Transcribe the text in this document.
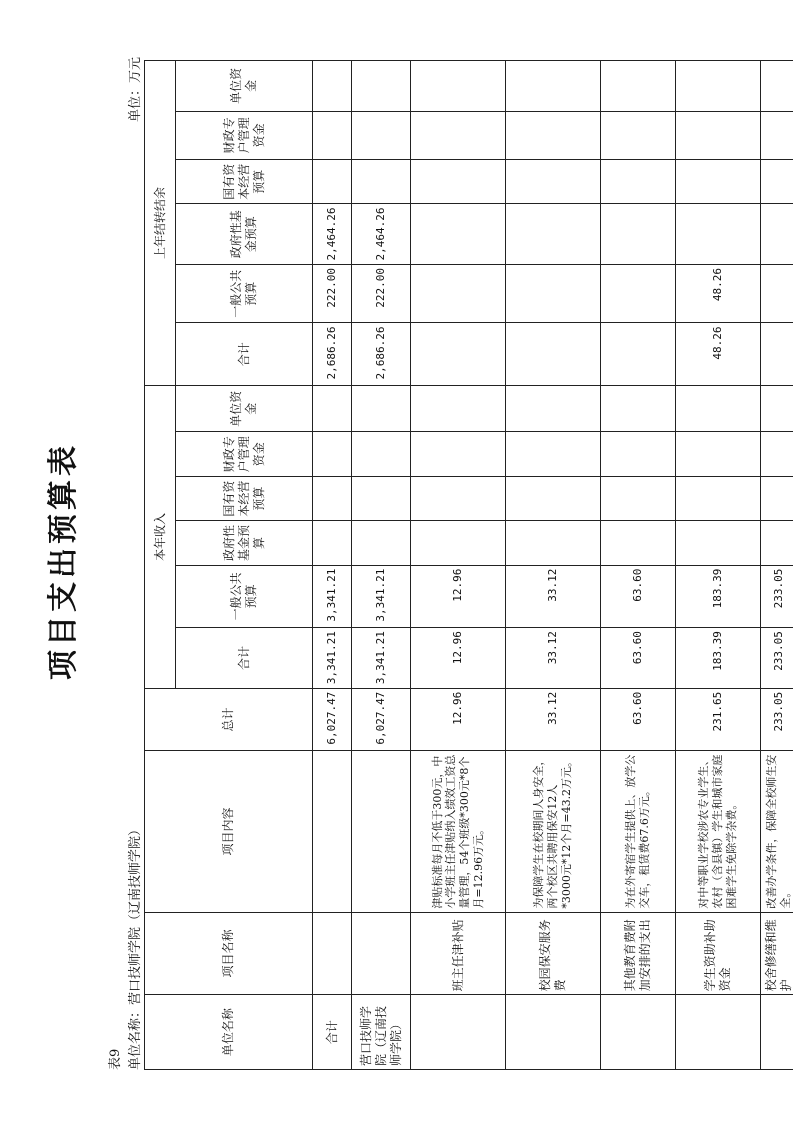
项目支出预算表
表9 单位名称：营口技师学院（辽南技师学院）
单位：万元
单位名称	项目名称	项目内容	总计	本年收入						上年结转结余					
				合计	一般公共预算	政府性基金预算	国有资本经营预算	财政专户管理资金	单位资金	合计	一般公共预算	政府性基金预算	国有资本经营预算	财政专户管理资金	单位资金
合计			6,027.47	3,341.21	3,341.21					2,686.26	222.00	2,464.26			
营口技师学院（辽南技师学院）			6,027.47	3,341.21	3,341.21					2,686.26	222.00	2,464.26			
	班主任津补贴	津贴标准每月不低于300元，中小学班主任津贴纳入绩效工资总量管理，54个班级*300元*8个月=12.96万元。	12.96	12.96	12.96										
	校园保安服务费	为保障学生在校期间人身安全，两个校区共聘用保安12人*3000元*12个月=43.2万元。	33.12	33.12	33.12										
	其他教育费附加安排的支出	为在外寄宿学生提供上、放学公交车，租赁费67.6万元。	63.60	63.60	63.60										
	学生资助补助资金	对中等职业学校涉农专业学生、农村（含县镇）学生和城市家庭困难学生免除学杂费。	231.65	183.39	183.39					48.26	48.26				
	校舍修缮和维护	改善办学条件，保障全校师生安全。	233.05	233.05	233.05										
